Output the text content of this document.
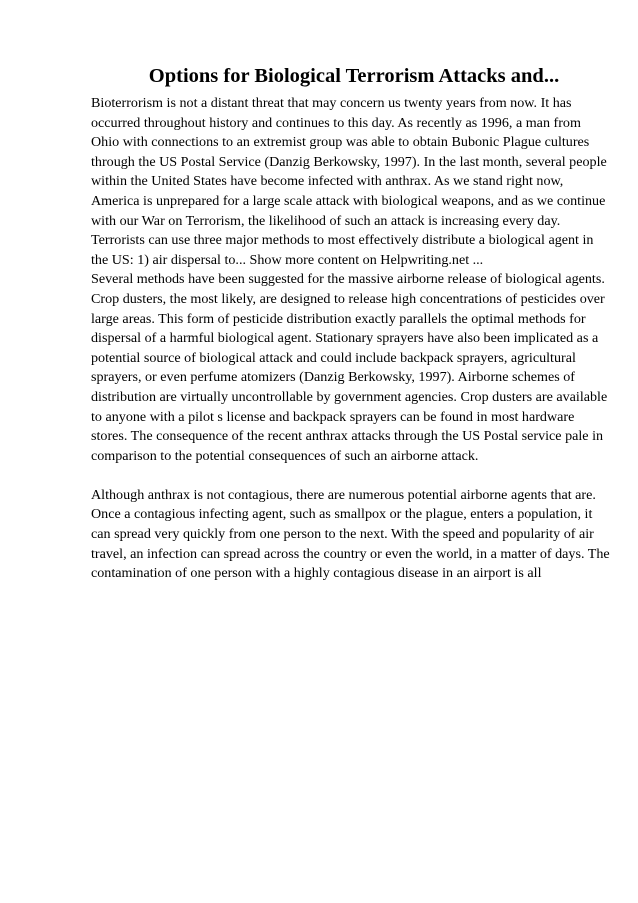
Options for Biological Terrorism Attacks and...

Bioterrorism is not a distant threat that may concern us twenty years from now. It has occurred throughout history and continues to this day. As recently as 1996, a man from Ohio with connections to an extremist group was able to obtain Bubonic Plague cultures through the US Postal Service (Danzig Berkowsky, 1997). In the last month, several people within the United States have become infected with anthrax. As we stand right now, America is unprepared for a large scale attack with biological weapons, and as we continue with our War on Terrorism, the likelihood of such an attack is increasing every day. Terrorists can use three major methods to most effectively distribute a biological agent in the US: 1) air dispersal to... Show more content on Helpwriting.net ...

Several methods have been suggested for the massive airborne release of biological agents. Crop dusters, the most likely, are designed to release high concentrations of pesticides over large areas. This form of pesticide distribution exactly parallels the optimal methods for dispersal of a harmful biological agent. Stationary sprayers have also been implicated as a potential source of biological attack and could include backpack sprayers, agricultural sprayers, or even perfume atomizers (Danzig Berkowsky, 1997). Airborne schemes of distribution are virtually uncontrollable by government agencies. Crop dusters are available to anyone with a pilot s license and backpack sprayers can be found in most hardware stores. The consequence of the recent anthrax attacks through the US Postal service pale in comparison to the potential consequences of such an airborne attack.

Although anthrax is not contagious, there are numerous potential airborne agents that are. Once a contagious infecting agent, such as smallpox or the plague, enters a population, it can spread very quickly from one person to the next. With the speed and popularity of air travel, an infection can spread across the country or even the world, in a matter of days. The contamination of one person with a highly contagious disease in an airport is all
